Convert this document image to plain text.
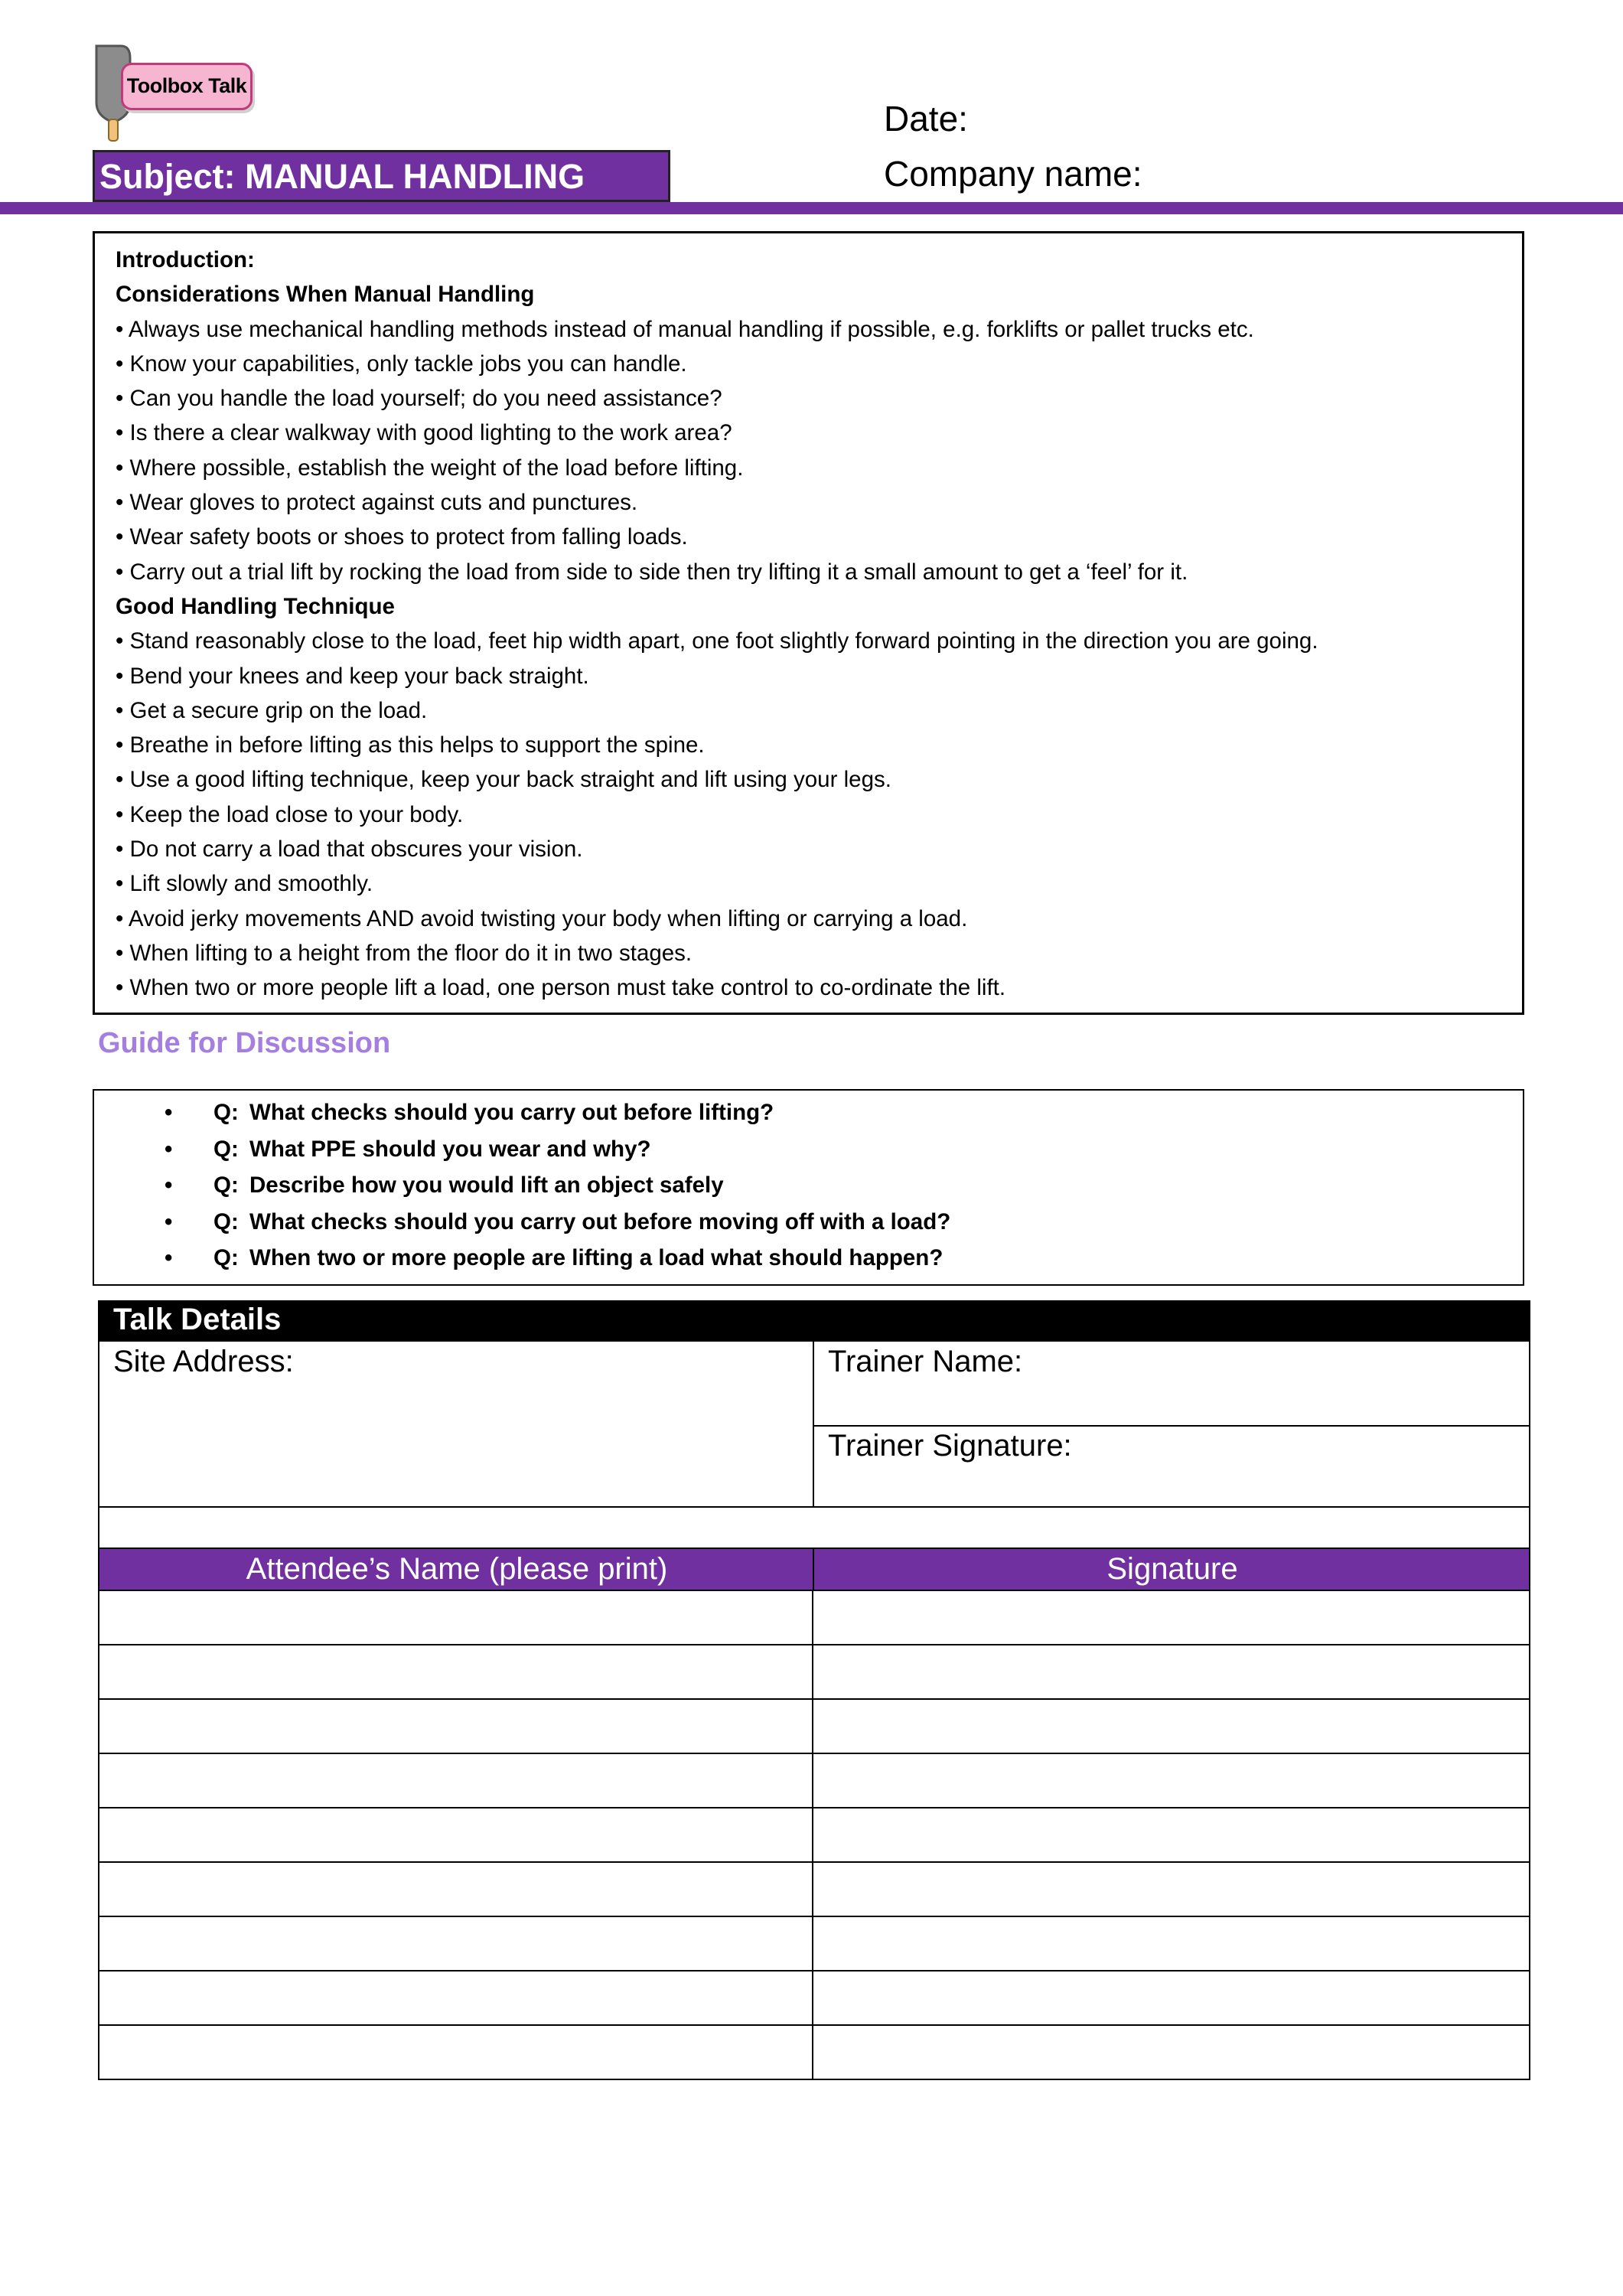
Toolbox Talk
Date:
Company name:
Subject: MANUAL HANDLING
Introduction:
Considerations When Manual Handling
• Always use mechanical handling methods instead of manual handling if possible, e.g. forklifts or pallet trucks etc.
• Know your capabilities, only tackle jobs you can handle.
• Can you handle the load yourself; do you need assistance?
• Is there a clear walkway with good lighting to the work area?
• Where possible, establish the weight of the load before lifting.
• Wear gloves to protect against cuts and punctures.
• Wear safety boots or shoes to protect from falling loads.
• Carry out a trial lift by rocking the load from side to side then try lifting it a small amount to get a ‘feel’ for it.
Good Handling Technique
• Stand reasonably close to the load, feet hip width apart, one foot slightly forward pointing in the direction you are going.
• Bend your knees and keep your back straight.
• Get a secure grip on the load.
• Breathe in before lifting as this helps to support the spine.
• Use a good lifting technique, keep your back straight and lift using your legs.
• Keep the load close to your body.
• Do not carry a load that obscures your vision.
• Lift slowly and smoothly.
• Avoid jerky movements AND avoid twisting your body when lifting or carrying a load.
• When lifting to a height from the floor do it in two stages.
• When two or more people lift a load, one person must take control to co-ordinate the lift.
Guide for Discussion
• Q: What checks should you carry out before lifting?
• Q: What PPE should you wear and why?
• Q: Describe how you would lift an object safely
• Q: What checks should you carry out before moving off with a load?
• Q: When two or more people are lifting a load what should happen?
Talk Details
Site Address:	Trainer Name:
Trainer Signature:
Attendee’s Name (please print)	Signature
